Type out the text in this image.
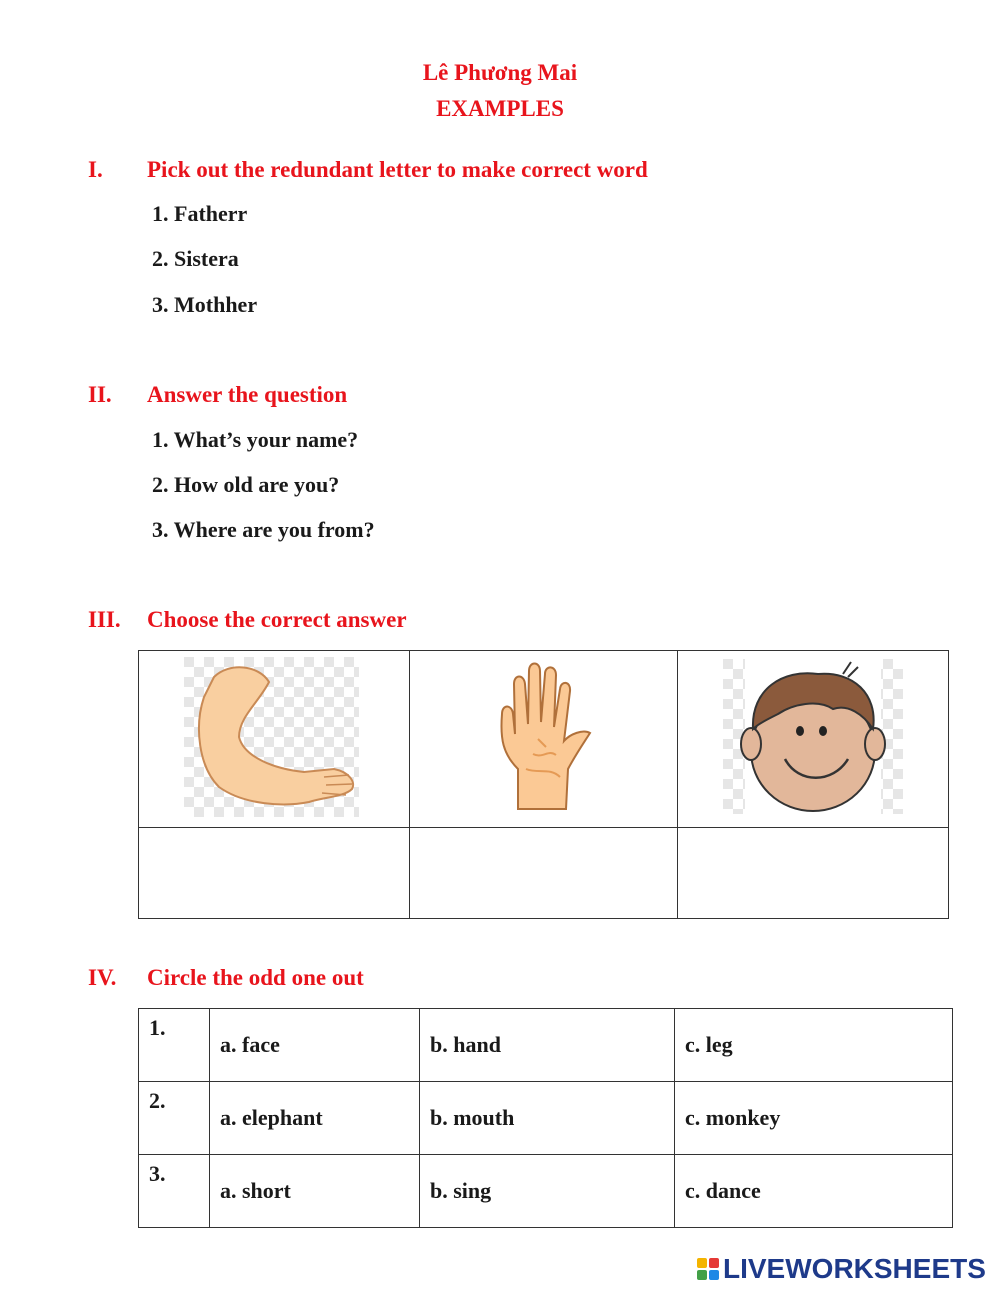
Lê Phương Mai
EXAMPLES
I. Pick out the redundant letter to make correct word
1. Fatherr
2. Sistera
3. Mothher
II. Answer the question
1. What’s your name?
2. How old are you?
3. Where are you from?
III. Choose the correct answer

IV. Circle the odd one out
1.	a. face	b. hand	c. leg
2.	a. elephant	b. mouth	c. monkey
3.	a. short	b. sing	c. dance
LIVEWORKSHEETS
